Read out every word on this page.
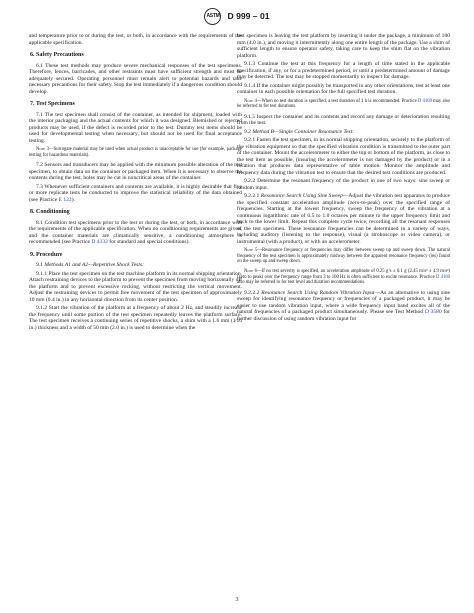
ASTM D 999 – 01

and temperature prior to or during the test, or both, in accordance with the requirements of the applicable specification.

6. Safety Precautions

6.1 These test methods may produce severe mechanical responses of the test specimens. Therefore, fences, barricades, and other restraints must have sufficient strength and must be adequately secured. Operating personnel must remain alert to potential hazards and take necessary precautions for their safety. Stop the test immediately if a dangerous condition should develop.

7. Test Specimens

7.1 The test specimen shall consist of the container, as intended for shipment, loaded with the interior packaging and the actual contents for which it was designed. Blemished or rejected products may be used, if the defect is recorded prior to the test. Dummy test items should be used for developmental testing when necessary, but should not be used for final acceptance testing.

Note 3—Surrogate material may be used when actual product is unacceptable for use (for example, package testing for hazardous materials).

7.2 Sensors and transducers may be applied with the minimum possible alteration of the test specimen, to obtain data on the container or packaged item. When it is necessary to observe the contents during the test, holes may be cut in noncritical areas of the container.

7.3 Whenever sufficient containers and contents are available, it is highly desirable that five or more replicate tests be conducted to improve the statistical reliability of the data obtained (see Practice E 122).

8. Conditioning

8.1 Condition test specimens prior to the test or during the test, or both, in accordance with the requirements of the applicable specification. When no conditioning requirements are given, and the container materials are climatically sensitive, a conditioning atmosphere is recommended (see Practice D 4332 for standard and special conditions).

9. Procedure

9.1 Methods A1 and A2—Repetitive Shock Tests:

9.1.1 Place the test specimen on the test machine platform in its normal shipping orientation. Attach restraining devices to the platform to prevent the specimen from moving horizontally off the platform and to prevent excessive rocking, without restricting the vertical movement. Adjust the restraining devices to permit free movement of the test specimen of approximately 10 mm (0.4 in.) in any horizontal direction from its center position.

9.1.2 Start the vibration of the platform at a frequency of about 2 Hz, and steadily increase the frequency until some portion of the test specimen repeatedly leaves the platform surface. The test specimen receives a continuing series of repetitive shocks, a shim with a 1.6 mm (1⁄16 in.) thickness and a width of 50 mm (2.0 in.) is used to determine when the

test specimen is leaving the test platform by inserting it under the package, a minimum of 100 mm (4.0 in.), and moving it intermittently along one entire length of the package. Use a shim of sufficient length to ensure operator safety, taking care to keep the shim flat on the vibration platform.

9.1.3 Continue the test at this frequency for a length of time stated in the applicable specification, if any, or for a predetermined period, or until a predetermined amount of damage may be detected. The test may be stopped momentarily to inspect for damage.

9.1.4 If the container might possibly be transported in any other orientations, test at least one container in each possible orientation for the full specified test duration.

Note 4—When no test duration is specified, a test duration of 1 h is recommended. Practice D 4169 may also be referred to for test durations.

9.1.5 Inspect the container and its contents and record any damage or deterioration resulting from the test.

9.2 Method B—Single Container Resonance Test:

9.2.1 Fasten the test specimen, in its normal shipping orientation, securely to the platform of the vibration equipment so that the specified vibration condition is transmitted to the outer part of the container. Mount the accelerometer to either the top or bottom of the platform, as close to the test item as possible, (insuring the accelerometer is not damaged by the product) or in a location that produces data representative of table motion. Monitor the amplitude and frequency data during the vibration test to ensure that the desired test conditions are produced.

9.2.2 Determine the resonant frequency of the product in one of two ways: sine sweep or random input.

9.2.2.1 Resonance Search Using Sine Sweep—Adjust the vibration test apparatus to produce the specified constant acceleration amplitude (zero-to-peak) over the specified range of frequencies. Starting at the lowest frequency, sweep the frequency of the vibration at a continuous logarithmic rate of 0.5 to 1.0 octaves per minute to the upper frequency limit and back to the lower limit. Repeat this complete cycle twice, recording all the resonant responses of the test specimen. These resonance frequencies can be determined in a variety of ways, including auditory (listening to the response), visual (a stroboscope or video camera), or instrumental (with a product), or with an accelerometer.

Note 5—Resonance frequency or frequencies may differ between sweep up and sweep down. The natural frequency of the test specimen is approximately midway between the apparent resonance frequency (ies) found on the sweep up and sweep down.

Note 6—If no test severity is specified, an acceleration amplitude of 0.25 g’s ± 0.1 g (2.45 m/s² ± 4.9 m/s²) (zero to peak) over the frequency range from 3 to 100 Hz is often sufficient to excite resonance. Practice D 4169 also may be referred to for test level and duration recommendations.

9.2.2.2 Resonance Search Using Random Vibration Input—As an alternative to using sine sweep for identifying resonance frequency or frequencies of a packaged product, it may be easier to use random vibration input, where a wide frequency input band excites all of the natural frequencies of a packaged product simultaneously. Please see Test Method D 3580 for further discussion of using random vibration input for

3
